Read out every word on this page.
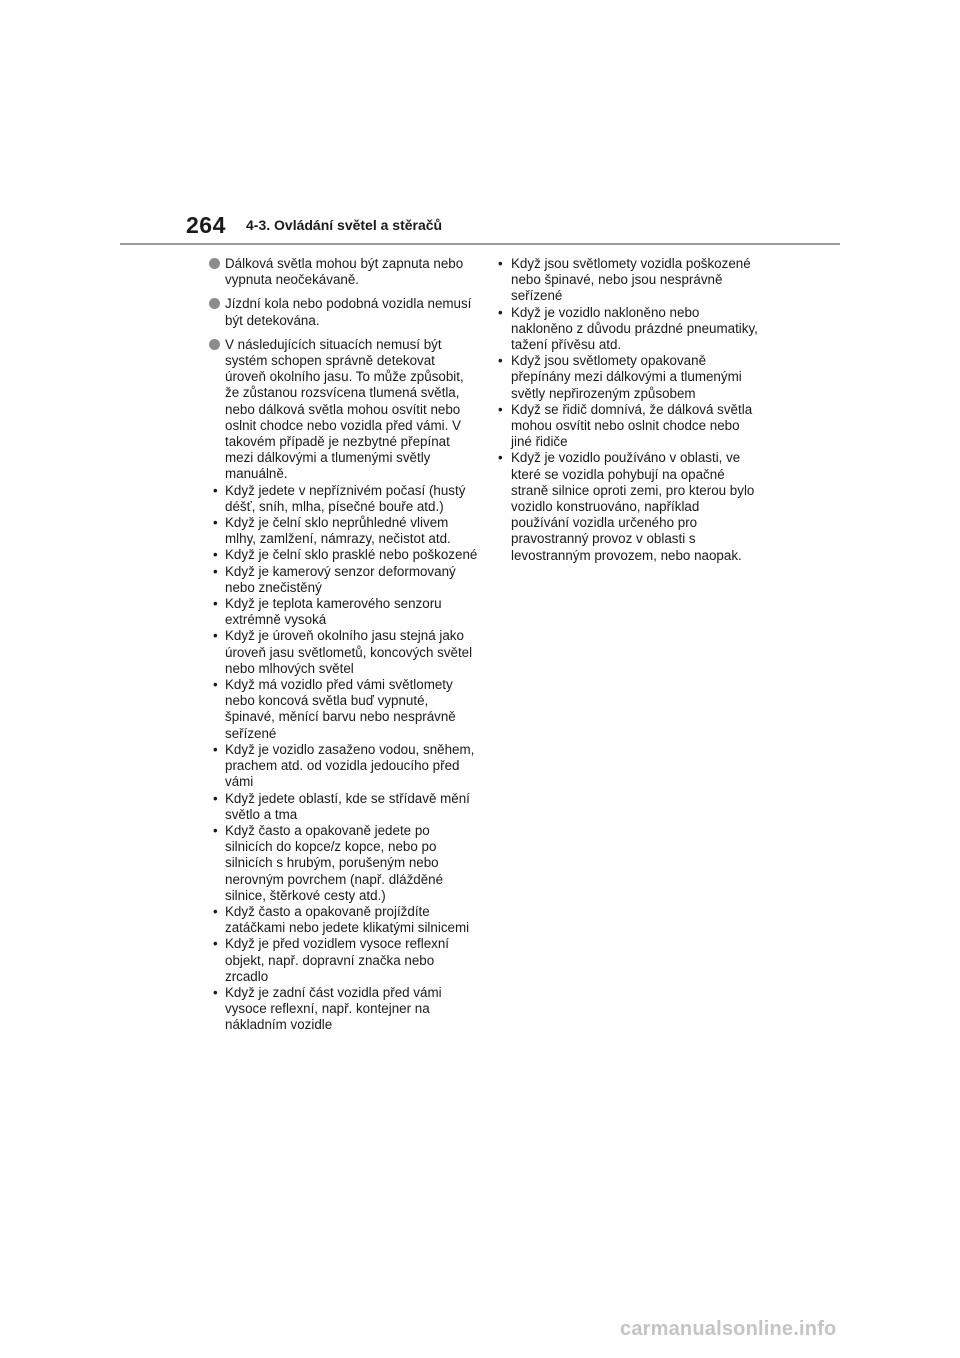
264 4-3. Ovládání světel a stěračů
Dálková světla mohou být zapnuta nebo vypnuta neočekávaně.
Jízdní kola nebo podobná vozidla nemusí být detekována.
V následujících situacích nemusí být systém schopen správně detekovat úroveň okolního jasu. To může způsobit, že zůstanou rozsvícena tlumená světla, nebo dálková světla mohou osvítit nebo oslnit chodce nebo vozidla před vámi. V takovém případě je nezbytné přepínat mezi dálkovými a tlumenými světly manuálně.
• Když jedete v nepříznivém počasí (hustý déšť, sníh, mlha, písečné bouře atd.)
• Když je čelní sklo neprůhledné vlivem mlhy, zamlžení, námrazy, nečistot atd.
• Když je čelní sklo prasklé nebo poškozené
• Když je kamerový senzor deformovaný nebo znečistěný
• Když je teplota kamerového senzoru extrémně vysoká
• Když je úroveň okolního jasu stejná jako úroveň jasu světlometů, koncových světel nebo mlhových světel
• Když má vozidlo před vámi světlomety nebo koncová světla buď vypnuté, špinavé, měnící barvu nebo nesprávně seřízené
• Když je vozidlo zasaženo vodou, sněhem, prachem atd. od vozidla jedoucího před vámi
• Když jedete oblastí, kde se střídavě mění světlo a tma
• Když často a opakovaně jedete po silnicích do kopce/z kopce, nebo po silnicích s hrubým, porušeným nebo nerovným povrchem (např. dlážděné silnice, štěrkové cesty atd.)
• Když často a opakovaně projíždíte zatáčkami nebo jedete klikatými silnicemi
• Když je před vozidlem vysoce reflexní objekt, např. dopravní značka nebo zrcadlo
• Když je zadní část vozidla před vámi vysoce reflexní, např. kontejner na nákladním vozidle
• Když jsou světlomety vozidla poškozené nebo špinavé, nebo jsou nesprávně seřízené
• Když je vozidlo nakloněno nebo nakloněno z důvodu prázdné pneumatiky, tažení přívěsu atd.
• Když jsou světlomety opakovaně přepínány mezi dálkovými a tlumenými světly nepřirozeným způsobem
• Když se řidič domnívá, že dálková světla mohou osvítit nebo oslnit chodce nebo jiné řidiče
• Když je vozidlo používáno v oblasti, ve které se vozidla pohybují na opačné straně silnice oproti zemi, pro kterou bylo vozidlo konstruováno, například používání vozidla určeného pro pravostranný provoz v oblasti s levostranným provozem, nebo naopak.
carmanualsonline.info
